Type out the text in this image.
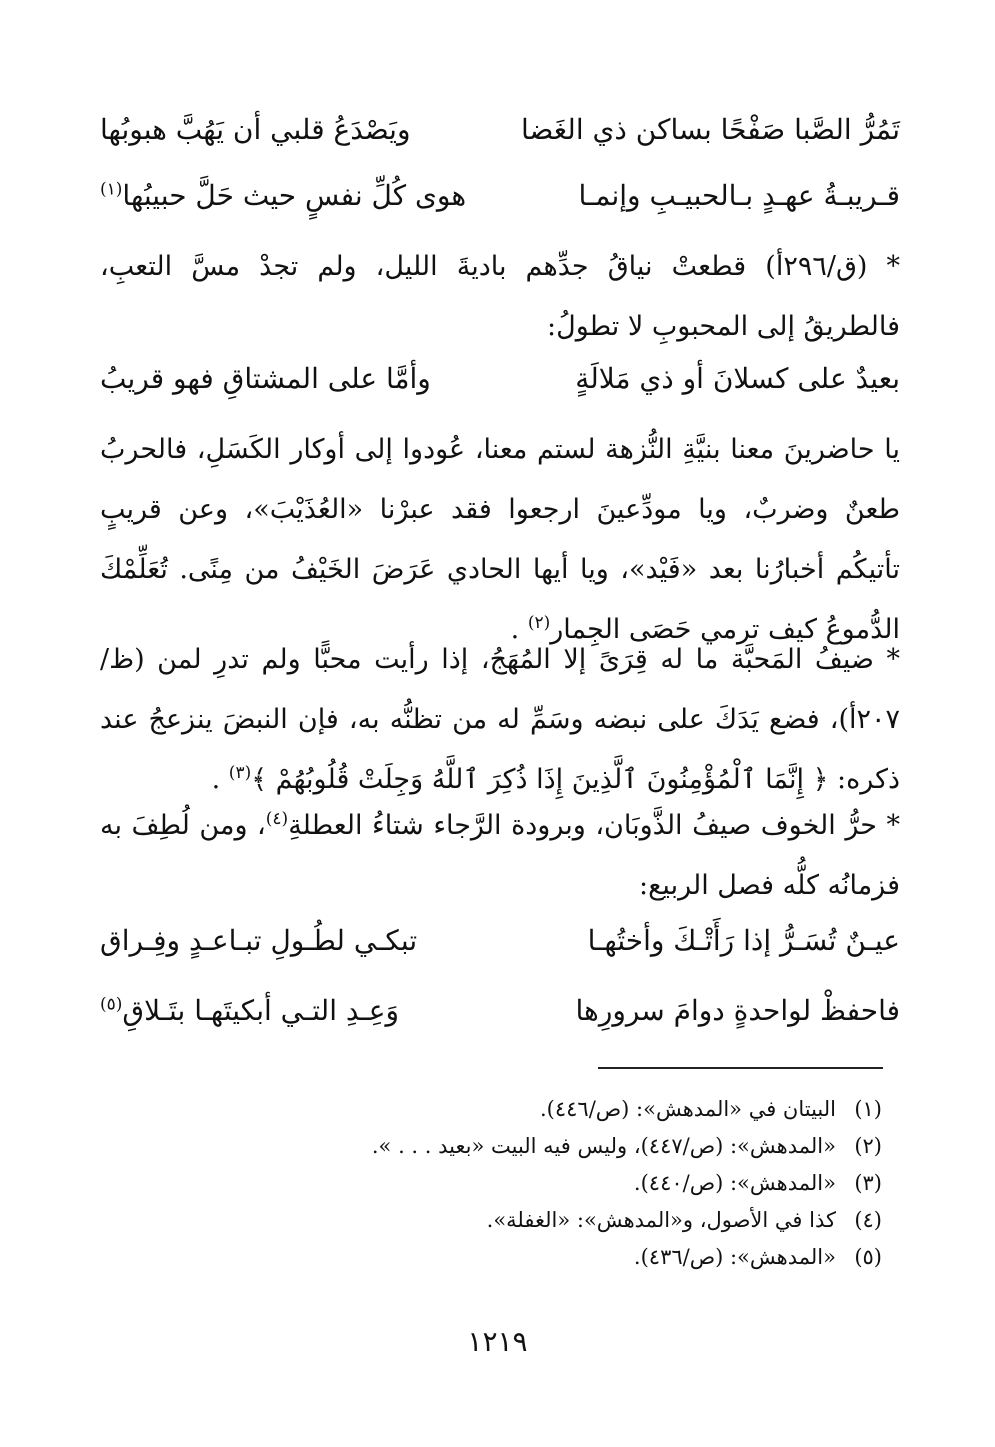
تَمُرُّ الصَّبا صَفْحًا بساكن ذي الغَضا
ويَصْدَعُ قلبي أن يَهُبَّ هبوبُها
قـريبـةُ عهـدٍ بـالحبيـبِ وإنمـا
هوى كُلِّ نفسٍ حيث حَلَّ حبيبُها$^{(١)}$
* (ق/٢٩٦أ) قطعتْ نياقُ جدِّهم باديةَ الليل، ولم تجدْ مسَّ التعبِ، فالطريقُ إلى المحبوبِ لا تطولُ:
بعيدٌ على كسلانَ أو ذي مَلالَةٍ
وأمَّا على المشتاقِ فهو قريبُ
يا حاضرينَ معنا بنيَّةِ النُّزهة لستم معنا، عُودوا إلى أوكار الكَسَلِ، فالحربُ طعنٌ وضربٌ، ويا مودِّعينَ ارجعوا فقد عبرْنا «العُذَيْبَ»، وعن قريبٍ تأتيكُم أخبارُنا بعد «فَيْد»، ويا أيها الحادي عَرَضَ الخَيْفُ من مِنًى. تُعَلِّمْكَ الدُّموعُ كيف ترمي حَصَى الجِمار$^{(٢)}$ .
* ضيفُ المَحبَّة ما له قِرَىً إلا المُهَجُ، إذا رأيت محبًّا ولم تدرِ لمن (ظ/٢٠٧أ)، فضع يَدَكَ على نبضه وسَمِّ له من تظنُّه به، فإن النبضَ ينزعجُ عند ذكره: ﴿ إِنَّمَا ٱلْمُؤْمِنُونَ ٱلَّذِينَ إِذَا ذُكِرَ ٱللَّهُ وَجِلَتْ قُلُوبُهُمْ ﴾$^{(٣)}$ .
* حرُّ الخوف صيفُ الذَّوبَان، وبرودة الرَّجاء شتاءُ العطلةِ$^{(٤)}$، ومن لُطِفَ به فزمانُه كلُّه فصل الربيع:
عيـنٌ تُسَـرُّ إذا رَأَتْـكَ وأختُهـا
تبكـي لطُـولِ تبـاعـدٍ وفِـراق
فاحفظْ لواحدةٍ دوامَ سرورِها
وَعِـدِ التـي أبكيتَهـا بتَـلاقِ$^{(٥)}$
(١)
البيتان في «المدهش»: (ص/٤٤٦).
(٢)
«المدهش»: (ص/٤٤٧)، وليس فيه البيت «بعيد . . . ».
(٣)
«المدهش»: (ص/٤٤٠).
(٤)
كذا في الأصول، و«المدهش»: «الغفلة».
(٥)
«المدهش»: (ص/٤٣٦).
١٢١٩
